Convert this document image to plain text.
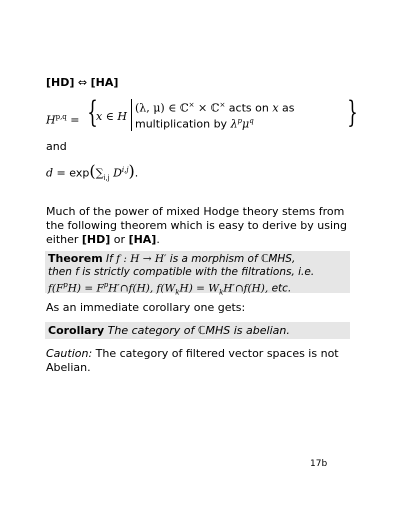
[HD] ⇔ [HA]
H$^{p,q}$ = {
x ∈ H
(λ, μ) ∈ ℂ× × ℂ× acts on x as
multiplication by $\lambda^p\mu^q$	}
and
$d = \exp(\sum_{i,j}$ D$^{i,j}$).
Much of the power of mixed Hodge theory stems from
the following theorem which is easy to derive by using
either [HD] or [HA].
Theorem If f : H → H′ is a morphism of ℂMHS,
then f is strictly compatible with the filtrations, i.e.
$f(F^pH)$ = $F^pH'\cap f(H)$, $f(W_kH)$ = $W_kH'\cap f(H)$, etc.
As an immediate corollary one gets:
Corollary The category of ℂMHS is abelian.
Caution: The category of filtered vector spaces is not
Abelian.
17b
